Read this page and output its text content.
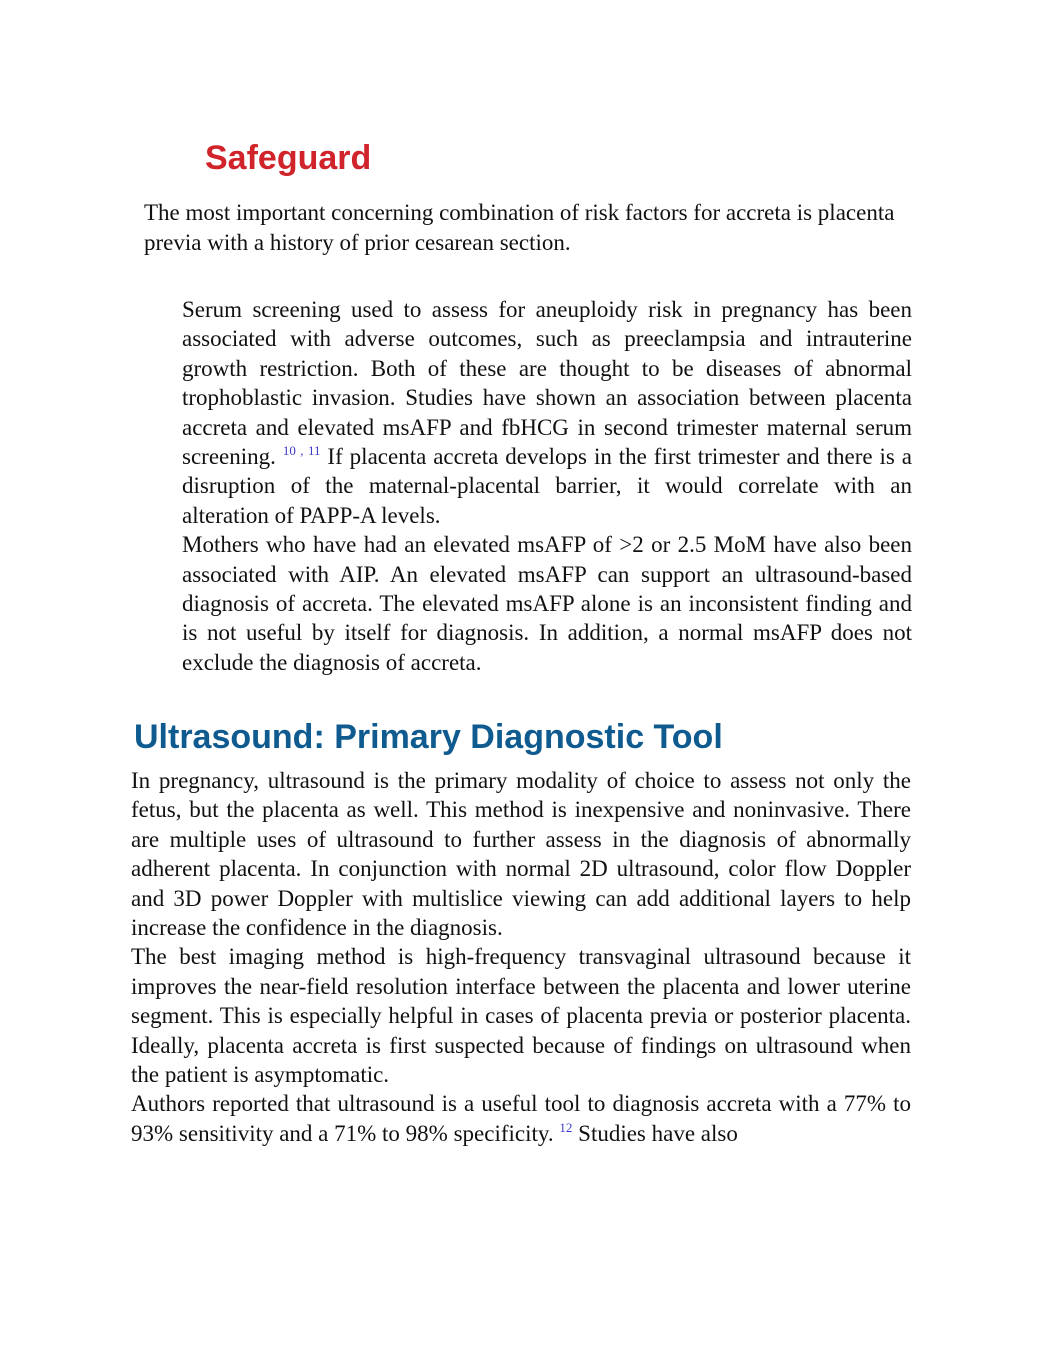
Safeguard

The most important concerning combination of risk factors for accreta is placenta previa with a history of prior cesarean section.

Serum screening used to assess for aneuploidy risk in pregnancy has been associated with adverse outcomes, such as preeclampsia and intrauterine growth restriction. Both of these are thought to be diseases of abnormal trophoblastic invasion. Studies have shown an association between placenta accreta and elevated msAFP and fbHCG in second trimester maternal serum screening. $^{10}$ , $^{11}$ If placenta accreta develops in the first trimester and there is a disruption of the maternal-placental barrier, it would correlate with an alteration of PAPP-A levels.

Mothers who have had an elevated msAFP of >2 or 2.5 MoM have also been associated with AIP. An elevated msAFP can support an ultrasound-based diagnosis of accreta. The elevated msAFP alone is an inconsistent finding and is not useful by itself for diagnosis. In addition, a normal msAFP does not exclude the diagnosis of accreta.

Ultrasound: Primary Diagnostic Tool

In pregnancy, ultrasound is the primary modality of choice to assess not only the fetus, but the placenta as well. This method is inexpensive and noninvasive. There are multiple uses of ultrasound to further assess in the diagnosis of abnormally adherent placenta. In conjunction with normal 2D ultrasound, color flow Doppler and 3D power Doppler with multislice viewing can add additional layers to help increase the confidence in the diagnosis.

The best imaging method is high-frequency transvaginal ultrasound because it improves the near-field resolution interface between the placenta and lower uterine segment. This is especially helpful in cases of placenta previa or posterior placenta. Ideally, placenta accreta is first suspected because of findings on ultrasound when the patient is asymptomatic.

Authors reported that ultrasound is a useful tool to diagnosis accreta with a 77% to 93% sensitivity and a 71% to 98% specificity. $^{12}$ Studies have also
